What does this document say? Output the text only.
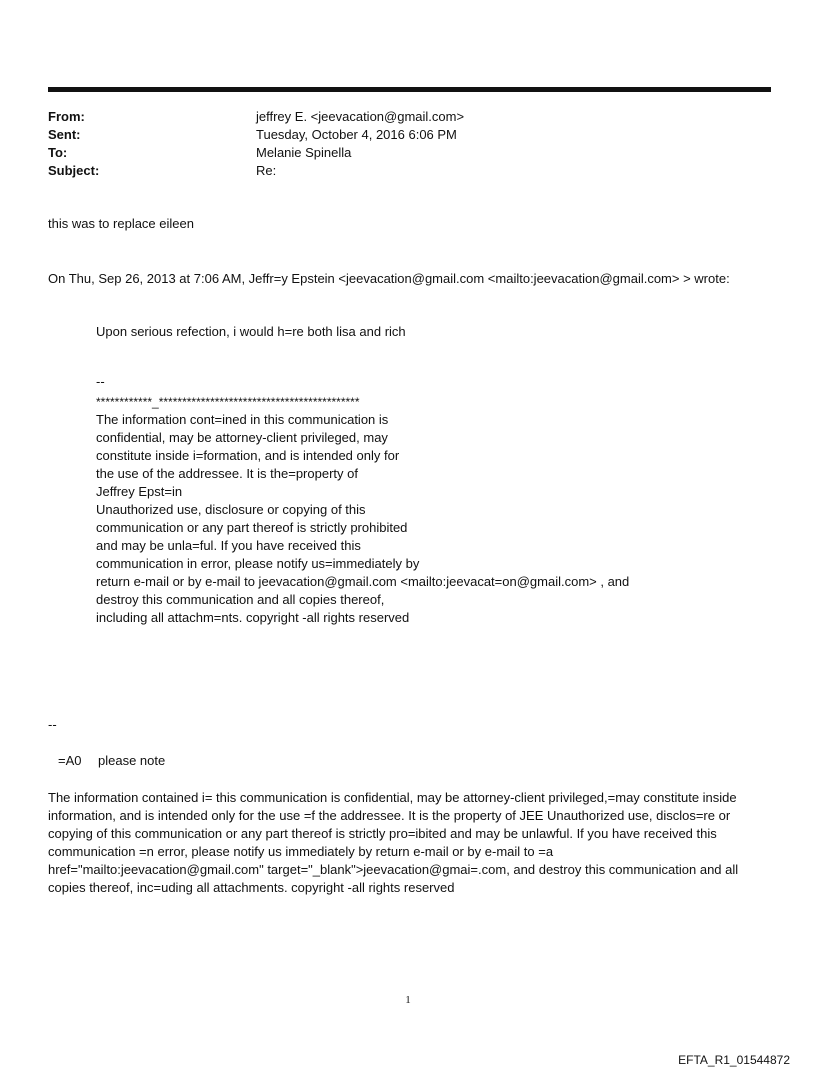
From:	jeffrey E. <jeevacation@gmail.com>
Sent:	Tuesday, October 4, 2016 6:06 PM
To:	Melanie Spinella
Subject:	Re:
this was to replace eileen
On Thu, Sep 26, 2013 at 7:06 AM, Jeffr=y Epstein <jeevacation@gmail.com <mailto:jeevacation@gmail.com> > wrote:
Upon serious refection, i would h=re both lisa and rich
--
************_*******************************************
The information cont=ined in this communication is
confidential, may be attorney-client privileged, may
constitute inside i=formation, and is intended only for
the use of the addressee. It is the=property of
Jeffrey Epst=in
Unauthorized use, disclosure or copying of this
communication or any part thereof is strictly prohibited
and may be unla=ful. If you have received this
communication in error, please notify us=immediately by
return e-mail or by e-mail to jeevacation@gmail.com <mailto:jeevacat=on@gmail.com> , and
destroy this communication and all copies thereof,
including all attachm=nts. copyright -all rights reserved
--
=A0 please note
The information contained i= this communication is confidential, may be attorney-client privileged,=may constitute inside information, and is intended only for the use =f the addressee. It is the property of JEE Unauthorized use, disclos=re or copying of this communication or any part thereof is strictly pro=ibited and may be unlawful. If you have received this communication =n error, please notify us immediately by return e-mail or by e-mail to =a href="mailto:jeevacation@gmail.com" target="_blank">jeevacation@gmai=.com, and destroy this communication and all copies thereof, inc=uding all attachments. copyright -all rights reserved
1
EFTA_R1_01544872
